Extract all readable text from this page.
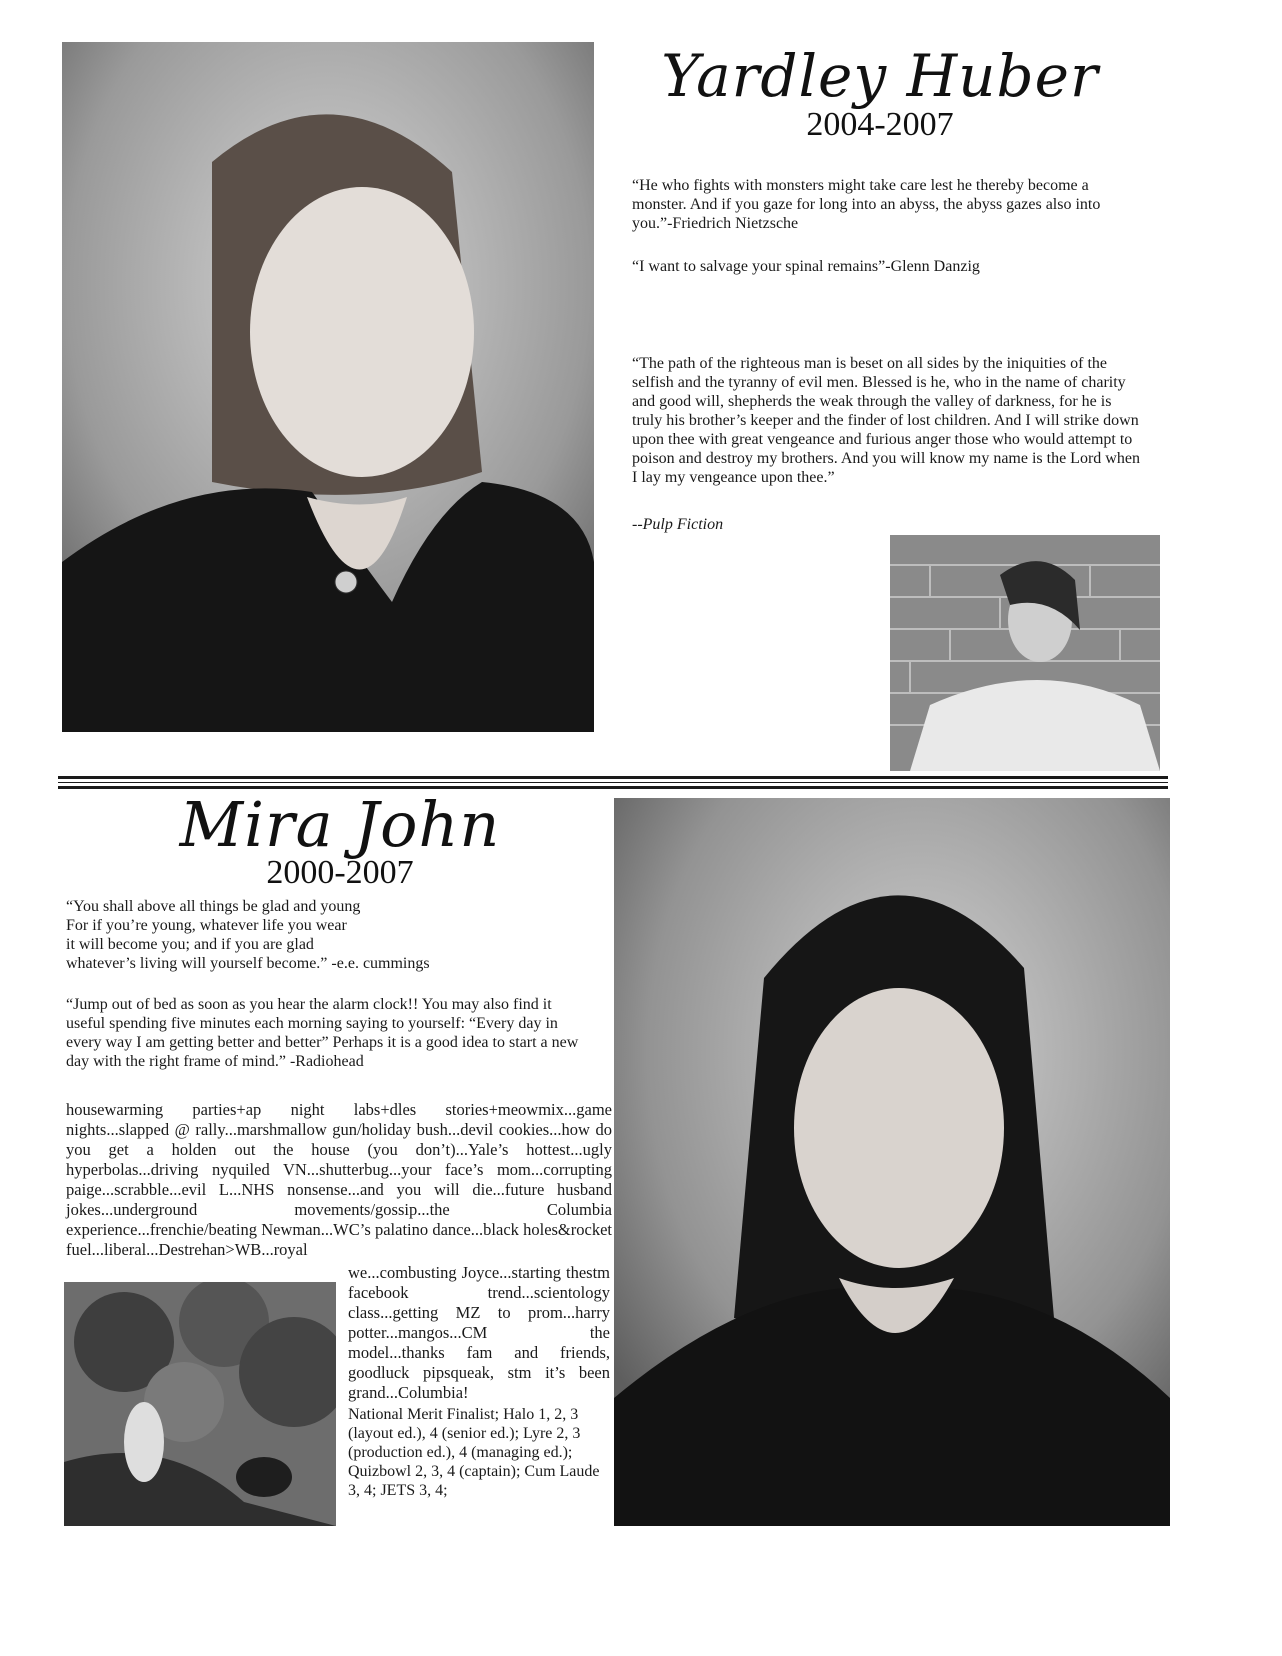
Yardley Huber
2004-2007

“He who fights with monsters might take care lest he thereby become a monster. And if you gaze for long into an abyss, the abyss gazes also into you.”-Friedrich Nietzsche

“I want to salvage your spinal remains”-Glenn Danzig

“The path of the righteous man is beset on all sides by the iniquities of the selfish and the tyranny of evil men. Blessed is he, who in the name of charity and good will, shepherds the weak through the valley of darkness, for he is truly his brother’s keeper and the finder of lost children. And I will strike down upon thee with great vengeance and furious anger those who would attempt to poison and destroy my brothers. And you will know my name is the Lord when I lay my vengeance upon thee.”

--Pulp Fiction

Mira John
2000-2007
“You shall above all things be glad and young
For if you’re young, whatever life you wear
it will become you; and if you are glad
whatever’s living will yourself become.” -e.e. cummings

“Jump out of bed as soon as you hear the alarm clock!! You may also find it useful spending five minutes each morning saying to yourself: “Every day in every way I am getting better and better” Perhaps it is a good idea to start a new day with the right frame of mind.” -Radiohead

housewarming parties+ap night labs+dles stories+meowmix...game nights...slapped @ rally...marshmallow gun/holiday bush...devil cookies...how do you get a holden out the house (you don’t)...Yale’s hottest...ugly hyperbolas...driving nyquiled VN...shutterbug...your face’s mom...corrupting paige...scrabble...evil L...NHS nonsense...and you will die...future husband jokes...underground movements/gossip...the Columbia experience...frenchie/beating Newman...WC’s palatino dance...black holes&rocket fuel...liberal...Destrehan>WB...royal

we...combusting Joyce...starting thestm facebook trend...scientology class...getting MZ to prom...harry potter...mangos...CM the model...thanks fam and friends, goodluck pipsqueak, stm it’s been grand...Columbia!

National Merit Finalist; Halo 1, 2, 3 (layout ed.), 4 (senior ed.); Lyre 2, 3 (production ed.), 4 (managing ed.); Quizbowl 2, 3, 4 (captain); Cum Laude 3, 4; JETS 3, 4;
